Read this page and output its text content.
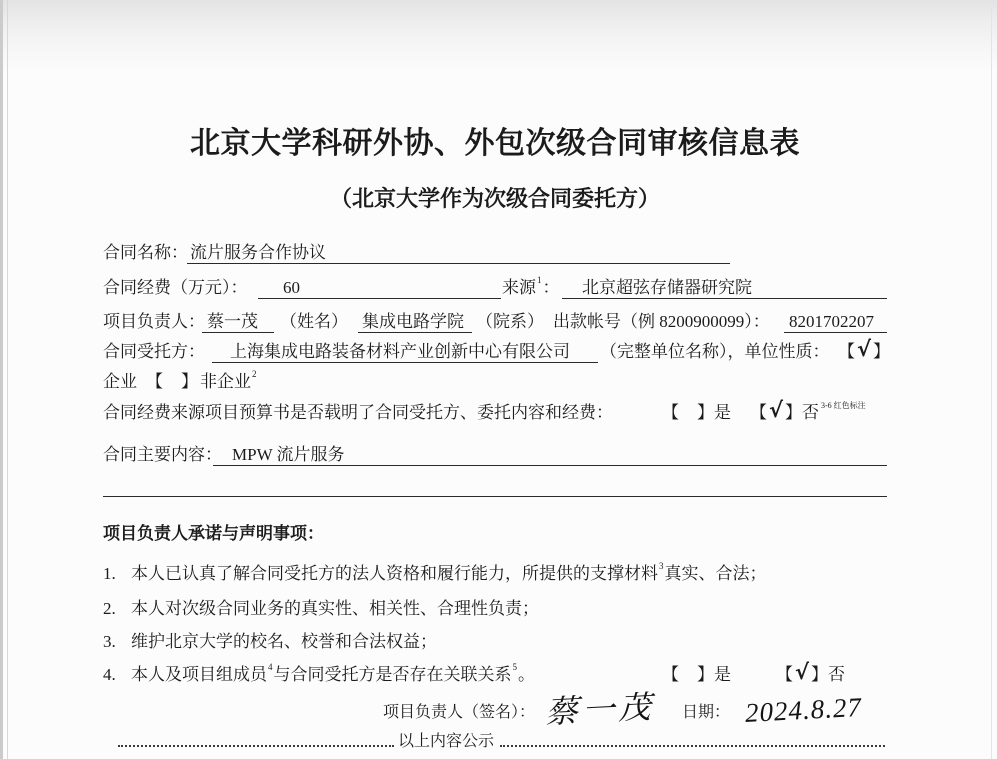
北京大学科研外协、外包次级合同审核信息表
（北京大学作为次级合同委托方）
合同名称： 流片服务合作协议
合同经费（万元）： 60	来源$^1$： 北京超弦存储器研究院
项目负责人： 蔡一茂 （姓名） 集成电路学院 （院系） 出款帐号（例 8200900099）： 8201702207
合同受托方： 上海集成电路装备材料产业创新中心有限公司 （完整单位名称），单位性质： 【√ 】
企业 【 】 非企业$^2$
合同经费来源项目预算书是否载明了合同受托方、委托内容和经费：	【 】是 【√ 】否 3-6 红色标注
合同主要内容： MPW 流片服务
项目负责人承诺与声明事项：
1. 本人已认真了解合同受托方的法人资格和履行能力，所提供的支撑材料$^3$真实、合法；
2. 本人对次级合同业务的真实性、相关性、合理性负责；
3. 维护北京大学的校名、校誉和合法权益；
4. 本人及项目组成员$^4$与合同受托方是否存在关联关系$^5$。	【 】是	【√ 】否
项目负责人（签名）： 蔡一茂 日期： 2024.8.27
以上内容公示
